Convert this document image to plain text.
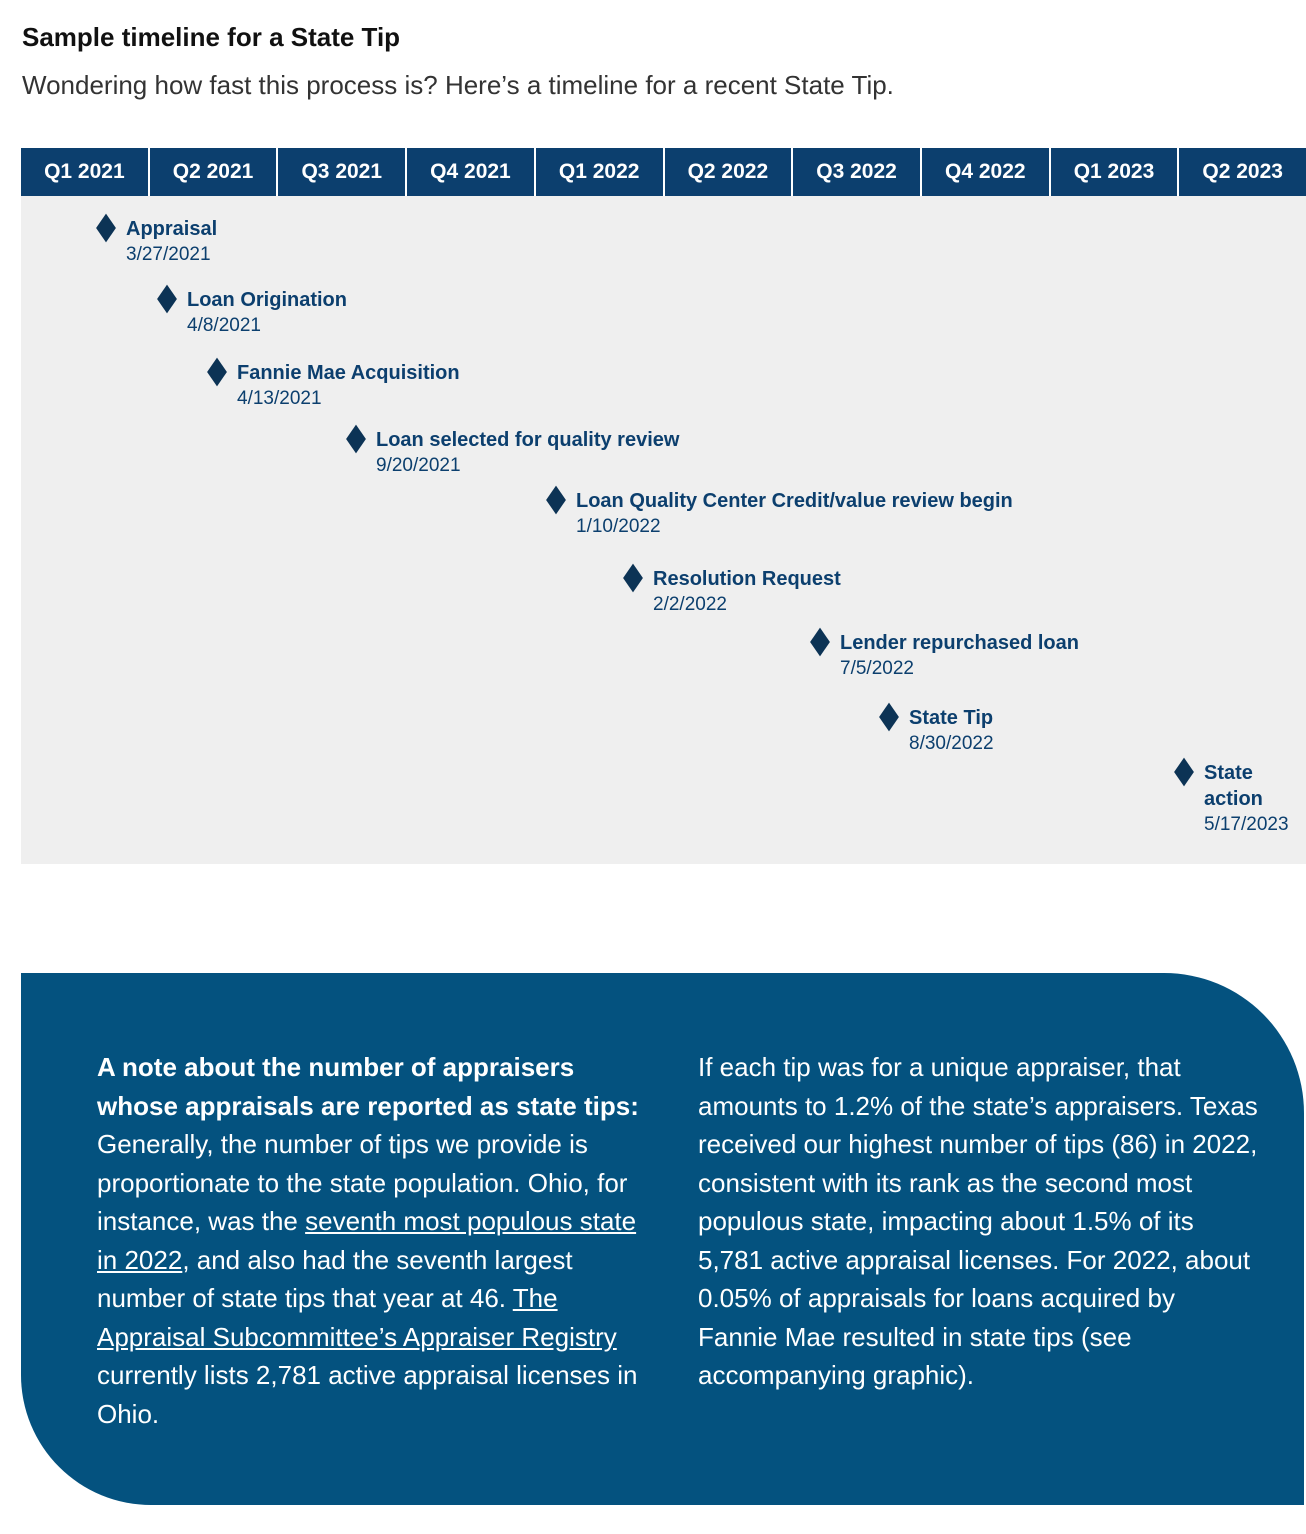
Sample timeline for a State Tip

Wondering how fast this process is? Here’s a timeline for a recent State Tip.

Q1 2021	Q2 2021	Q3 2021	Q4 2021	Q1 2022	Q2 2022	Q3 2022	Q4 2022	Q1 2023	Q2 2023
Appraisal
3/27/2021
Loan Origination
4/8/2021
Fannie Mae Acquisition
4/13/2021
Loan selected for quality review
9/20/2021
Loan Quality Center Credit/value review begin
1/10/2022
Resolution Request
2/2/2022
Lender repurchased loan
7/5/2022
State Tip
8/30/2022
State
action
5/17/2023
A note about the number of appraisers whose appraisals are reported as state tips: Generally, the number of tips we provide is proportionate to the state population. Ohio, for instance, was the seventh most populous state in 2022, and also had the seventh largest number of state tips that year at 46. The Appraisal Subcommittee’s Appraiser Registry currently lists 2,781 active appraisal licenses in Ohio.
If each tip was for a unique appraiser, that amounts to 1.2% of the state’s appraisers. Texas received our highest number of tips (86) in 2022, consistent with its rank as the second most populous state, impacting about 1.5% of its 5,781 active appraisal licenses. For 2022, about 0.05% of appraisals for loans acquired by Fannie Mae resulted in state tips (see accompanying graphic).
